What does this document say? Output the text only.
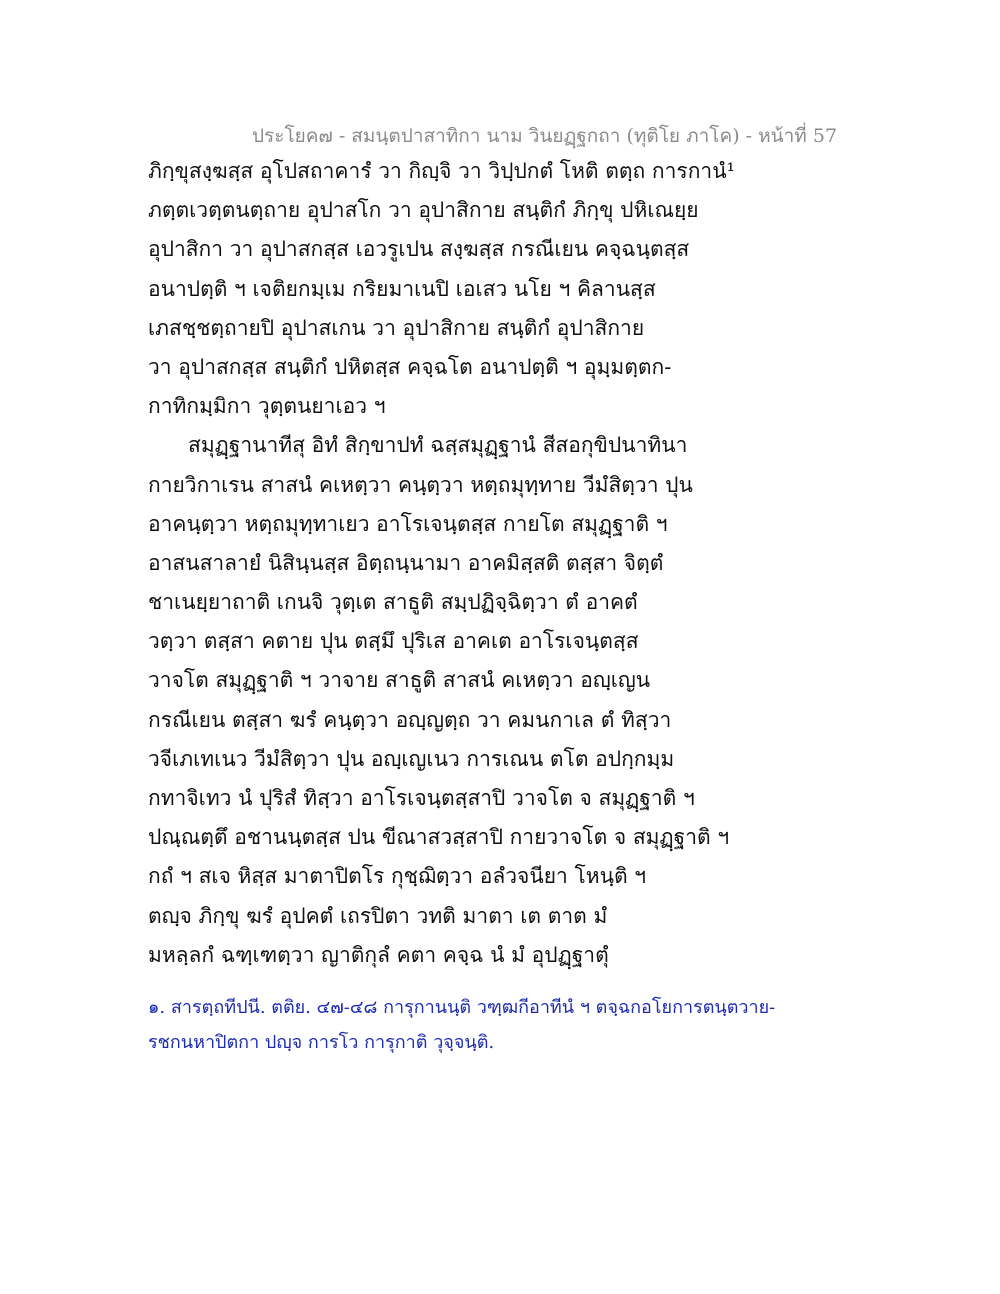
ประโยค๗ - สมนฺตปาสาทิกา นาม วินยฏฺฐกถา (ทุติโย ภาโค) - หน้าที่ 57
ภิกฺขุสงฺฆสฺส อุโปสถาคารํ วา กิญฺจิ วา วิปฺปกตํ โหติ ตตฺถ การกานํ¹
ภตฺตเวตฺตนตฺถาย อุปาสโก วา อุปาสิกาย สนฺติกํ ภิกฺขุ ปหิเณยฺย
อุปาสิกา วา อุปาสกสฺส เอวรูเปน สงฺฆสฺส กรณีเยน คจฺฉนฺตสฺส
อนาปตฺติ ฯ เจติยกมฺเม กริยมาเนปิ เอเสว นโย ฯ คิลานสฺส
เภสชฺชตฺถายปิ อุปาสเกน วา อุปาสิกาย สนฺติกํ อุปาสิกาย
วา อุปาสกสฺส สนฺติกํ ปหิตสฺส คจฺฉโต อนาปตฺติ ฯ อุมฺมตฺตก-
กาทิกมฺมิกา วุตฺตนยาเอว ฯ
สมุฏฺฐานาทีสุ อิทํ สิกฺขาปทํ ฉสฺสมุฏฺฐานํ สีสอกุขิปนาทินา
กายวิกาเรน สาสนํ คเหตฺวา คนฺตฺวา หตฺถมุทฺทาย วีมํสิตฺวา ปุน
อาคนฺตฺวา หตฺถมุทฺทาเยว อาโรเจนฺตสฺส กายโต สมุฏฺฐาติ ฯ
อาสนสาลายํ นิสินฺนสฺส อิตฺถนฺนามา อาคมิสฺสติ ตสฺสา จิตฺตํ
ชาเนยฺยาถาติ เกนจิ วุตฺเต สาธูติ สมฺปฏิจฺฉิตฺวา ตํ อาคตํ
วตฺวา ตสฺสา คตาย ปุน ตสฺมึ ปุริเส อาคเต อาโรเจนฺตสฺส
วาจโต สมุฏฺฐาติ ฯ วาจาย สาธูติ สาสนํ คเหตฺวา อญฺเญน
กรณีเยน ตสฺสา ฆรํ คนฺตฺวา อญฺญตฺถ วา คมนกาเล ตํ ทิสฺวา
วจีเภเทเนว วีมํสิตฺวา ปุน อญฺเญเนว การเณน ตโต อปกฺกมฺม
กทาจิเทว นํ ปุริสํ ทิสฺวา อาโรเจนฺตสฺสาปิ วาจโต จ สมุฏฺฐาติ ฯ
ปณฺณตฺตึ อชานนฺตสฺส ปน ขีณาสวสฺสาปิ กายวาจโต จ สมุฏฺฐาติ ฯ
กถํ ฯ สเจ หิสฺส มาตาปิตโร กุชฺฌิตฺวา อลํวจนียา โหนฺติ ฯ
ตญฺจ ภิกฺขุ ฆรํ อุปคตํ เถรปิตา วทติ มาตา เต ตาต มํ
มหลฺลกํ ฉฑฺเฑตฺวา ญาติกุลํ คตา คจฺฉ นํ มํ อุปฏฺฐาตุํ
๑. สารตฺถทีปนี. ตติย. ๔๗-๔๘ การุกานนฺติ วฑฺฒกีอาทีนํ ฯ ตจฺฉกอโยการตนฺตวาย-
รชกนหาปิตกา ปญฺจ การโว การุกาติ วุจฺจนฺติ.
